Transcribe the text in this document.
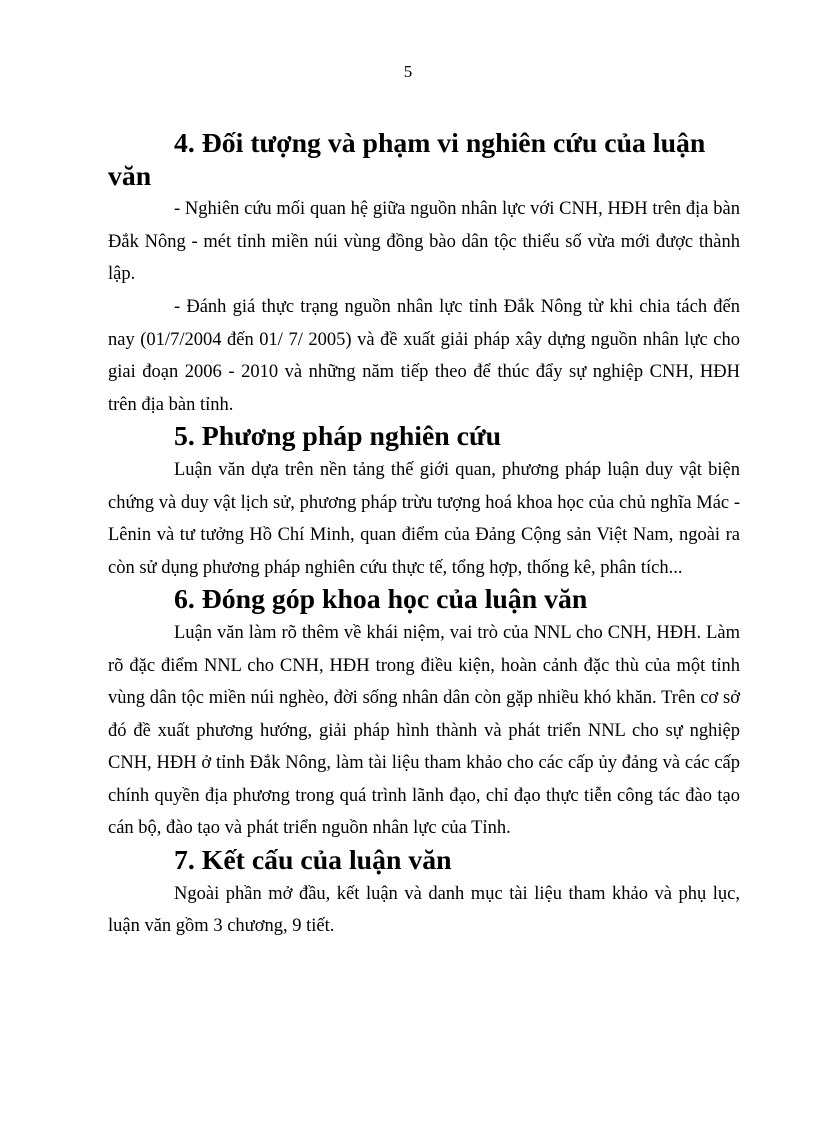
5
4. Đối tượng và phạm vi nghiên cứu của luận văn

- Nghiên cứu mối quan hệ giữa nguồn nhân lực với CNH, HĐH trên địa bàn Đắk Nông - mét tỉnh miền núi vùng đồng bào dân tộc thiểu số vừa mới được thành lập.

- Đánh giá thực trạng nguồn nhân lực tỉnh Đắk Nông từ khi chia tách đến nay (01/7/2004 đến 01/ 7/ 2005) và đề xuất giải pháp xây dựng nguồn nhân lực cho giai đoạn 2006 - 2010 và những năm tiếp theo để thúc đẩy sự nghiệp CNH, HĐH trên địa bàn tỉnh.

5. Phương pháp nghiên cứu

Luận văn dựa trên nền tảng thế giới quan, phương pháp luận duy vật biện chứng và duy vật lịch sử, phương pháp trừu tượng hoá khoa học của chủ nghĩa Mác - Lênin và tư tưởng Hồ Chí Minh, quan điểm của Đảng Cộng sản Việt Nam, ngoài ra còn sử dụng phương pháp nghiên cứu thực tế, tổng hợp, thống kê, phân tích...

6. Đóng góp khoa học của luận văn

Luận văn làm rõ thêm về khái niệm, vai trò của NNL cho CNH, HĐH. Làm rõ đặc điểm NNL cho CNH, HĐH trong điều kiện, hoàn cảnh đặc thù của một tỉnh vùng dân tộc miền núi nghèo, đời sống nhân dân còn gặp nhiều khó khăn. Trên cơ sở đó đề xuất phương hướng, giải pháp hình thành và phát triển NNL cho sự nghiệp CNH, HĐH ở tỉnh Đắk Nông, làm tài liệu tham khảo cho các cấp ủy đảng và các cấp chính quyền địa phương trong quá trình lãnh đạo, chỉ đạo thực tiễn công tác đào tạo cán bộ, đào tạo và phát triển nguồn nhân lực của Tỉnh.

7. Kết cấu của luận văn

Ngoài phần mở đầu, kết luận và danh mục tài liệu tham khảo và phụ lục, luận văn gồm 3 chương, 9 tiết.
